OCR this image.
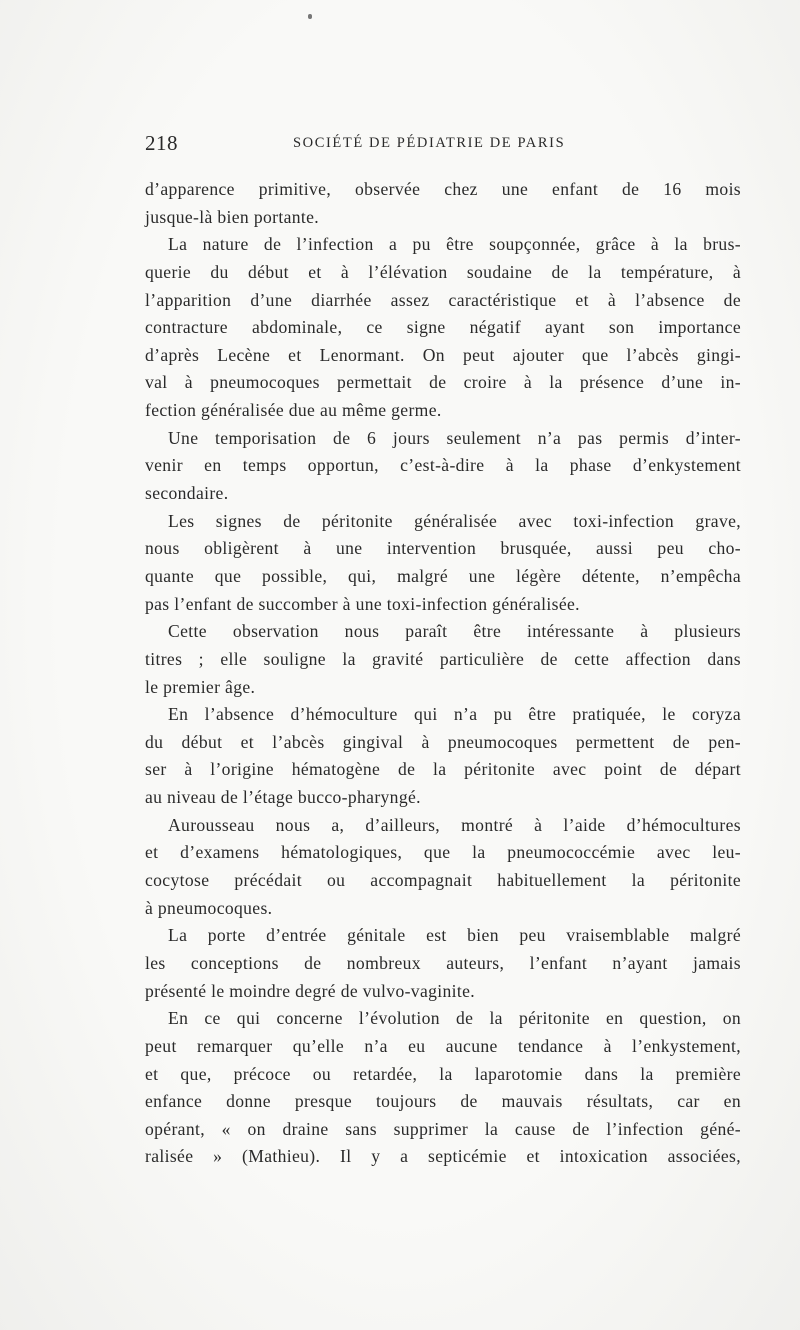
218	SOCIÉTÉ DE PÉDIATRIE DE PARIS
d’apparence primitive, observée chez une enfant de 16 mois
jusque-là bien portante.
La nature de l’infection a pu être soupçonnée, grâce à la brus-
querie du début et à l’élévation soudaine de la température, à
l’apparition d’une diarrhée assez caractéristique et à l’absence de
contracture abdominale, ce signe négatif ayant son importance
d’après Lecène et Lenormant. On peut ajouter que l’abcès gingi-
val à pneumocoques permettait de croire à la présence d’une in-
fection généralisée due au même germe.
Une temporisation de 6 jours seulement n’a pas permis d’inter-
venir en temps opportun, c’est-à-dire à la phase d’enkystement
secondaire.
Les signes de péritonite généralisée avec toxi-infection grave,
nous obligèrent à une intervention brusquée, aussi peu cho-
quante que possible, qui, malgré une légère détente, n’empêcha
pas l’enfant de succomber à une toxi-infection généralisée.
Cette observation nous paraît être intéressante à plusieurs
titres ; elle souligne la gravité particulière de cette affection dans
le premier âge.
En l’absence d’hémoculture qui n’a pu être pratiquée, le coryza
du début et l’abcès gingival à pneumocoques permettent de pen-
ser à l’origine hématogène de la péritonite avec point de départ
au niveau de l’étage bucco-pharyngé.
Aurousseau nous a, d’ailleurs, montré à l’aide d’hémocultures
et d’examens hématologiques, que la pneumococcémie avec leu-
cocytose précédait ou accompagnait habituellement la péritonite
à pneumocoques.
La porte d’entrée génitale est bien peu vraisemblable malgré
les conceptions de nombreux auteurs, l’enfant n’ayant jamais
présenté le moindre degré de vulvo-vaginite.
En ce qui concerne l’évolution de la péritonite en question, on
peut remarquer qu’elle n’a eu aucune tendance à l’enkystement,
et que, précoce ou retardée, la laparotomie dans la première
enfance donne presque toujours de mauvais résultats, car en
opérant, « on draine sans supprimer la cause de l’infection géné-
ralisée » (Mathieu). Il y a septicémie et intoxication associées,
